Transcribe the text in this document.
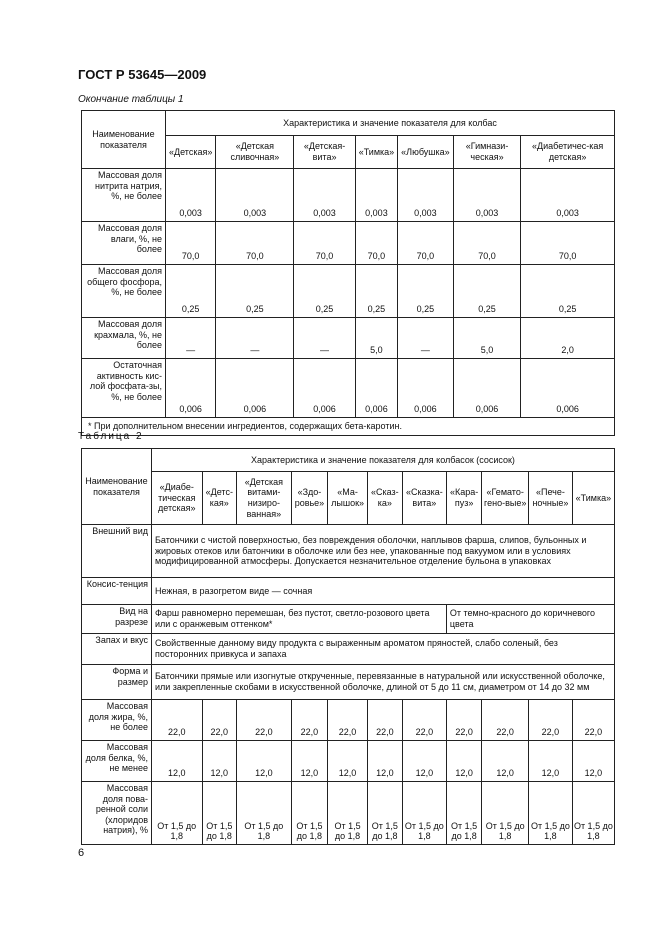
ГОСТ Р 53645—2009
Окончание таблицы 1
Наименование показателя	Характеристика и значение показателя для колбас						
	«Детская»	«Детская сливочная»	«Детская-вита»	«Тимка»	«Любушка»	«Гимнази-ческая»	«Диабетичес-кая детская»
Массовая доля нитрита натрия, %, не более	0,003	0,003	0,003	0,003	0,003	0,003	0,003
Массовая доля влаги, %, не более	70,0	70,0	70,0	70,0	70,0	70,0	70,0
Массовая доля общего фосфора, %, не более	0,25	0,25	0,25	0,25	0,25	0,25	0,25
Массовая доля крахмала, %, не более	—	—	—	5,0	—	5,0	2,0
Остаточная активность кис-лой фосфата-зы, %, не более	0,006	0,006	0,006	0,006	0,006	0,006	0,006
* При дополнительном внесении ингредиентов, содержащих бета-каротин.							
Таблица 2
Наименование показателя	Характеристика и значение показателя для колбасок (сосисок)										
	«Диабе-тическая детская»	«Детс-кая»	«Детская витами-низиро-ванная»	«Здо-ровье»	«Ма-лышок»	«Сказ-ка»	«Сказка-вита»	«Кара-пуз»	«Гемато-гено-вые»	«Пече-ночные»	«Тимка»
Внешний вид	Батончики с чистой поверхностью, без повреждения оболочки, наплывов фарша, слипов, бульонных и жировых отеков или батончики в оболочке или без нее, упакованные под вакуумом или в условиях модифицированной атмосферы. Допускается незначительное отделение бульона в упаковках										
Консис-тенция	Нежная, в разогретом виде — сочная										
Вид на разрезе	Фарш равномерно перемешан, без пустот, светло-розового цвета или с оранжевым оттенком*							От темно-красного до коричневого цвета			
Запах и вкус	Свойственные данному виду продукта с выраженным ароматом пряностей, слабо соленый, без посторонних привкуса и запаха										
Форма и размер	Батончики прямые или изогнутые открученные, перевязанные в натуральной или искусственной оболочке, или закрепленные скобами в искусственной оболочке, длиной от 5 до 11 см, диаметром от 14 до 32 мм										
Массовая доля жира, %, не более	22,0	22,0	22,0	22,0	22,0	22,0	22,0	22,0	22,0	22,0	22,0
Массовая доля белка, %, не менее	12,0	12,0	12,0	12,0	12,0	12,0	12,0	12,0	12,0	12,0	12,0
Массовая доля пова-ренной соли (хлоридов натрия), %	От 1,5 до 1,8	От 1,5 до 1,8	От 1,5 до 1,8	От 1,5 до 1,8	От 1,5 до 1,8	От 1,5 до 1,8	От 1,5 до 1,8	От 1,5 до 1,8	От 1,5 до 1,8	От 1,5 до 1,8	От 1,5 до 1,8
6
